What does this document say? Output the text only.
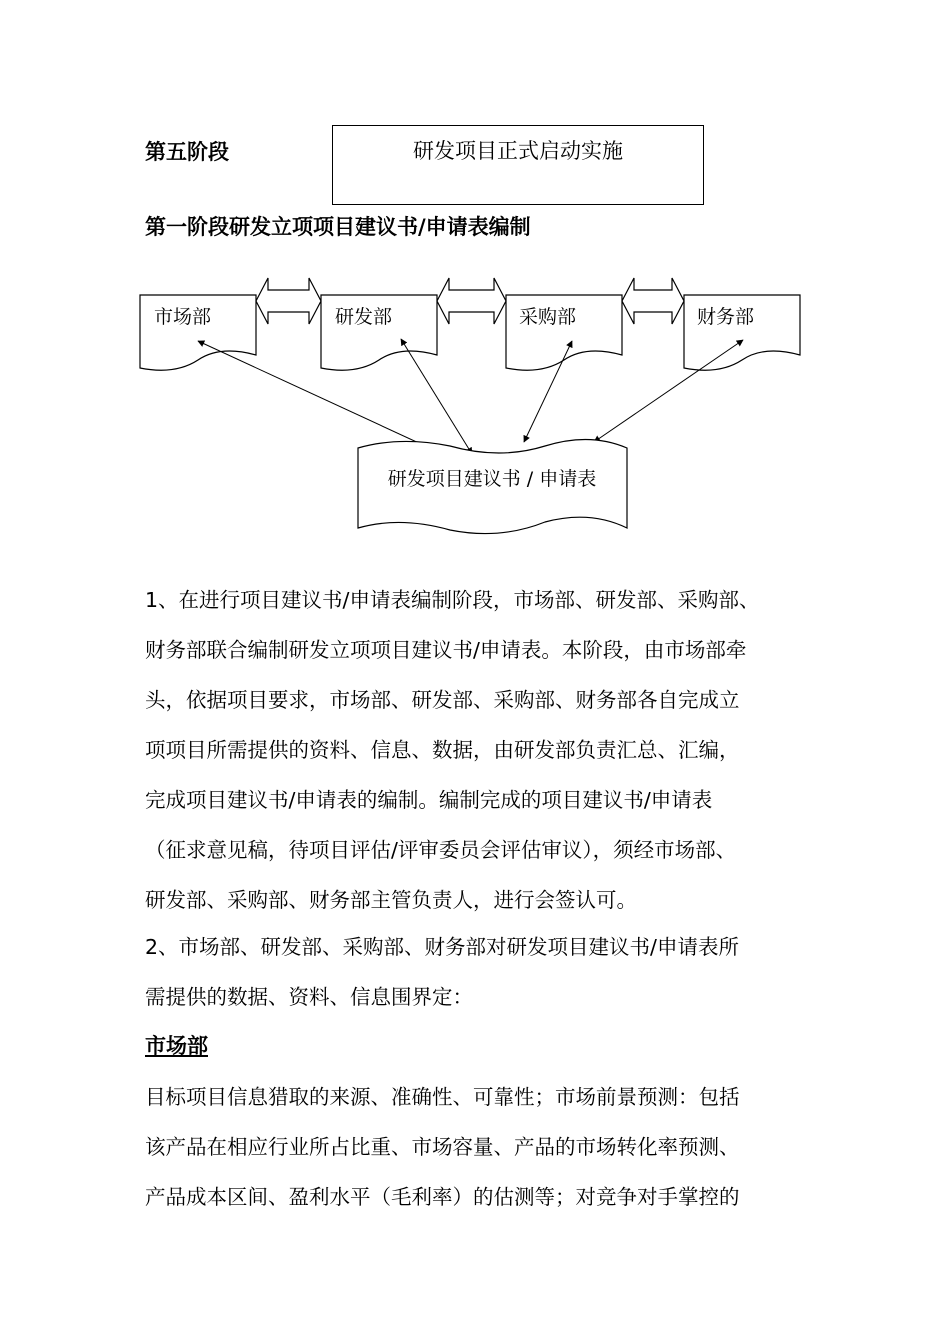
第五阶段	研发项目正式启动实施
第一阶段研发立项项目建议书/申请表编制
市场部	研发部	采购部	财务部
研发项目建议书 / 申请表
1、在进行项目建议书/申请表编制阶段，市场部、研发部、采购部、
财务部联合编制研发立项项目建议书/申请表。本阶段，由市场部牵
头，依据项目要求，市场部、研发部、采购部、财务部各自完成立
项项目所需提供的资料、信息、数据，由研发部负责汇总、汇编，
完成项目建议书/申请表的编制。编制完成的项目建议书/申请表
（征求意见稿，待项目评估/评审委员会评估审议），须经市场部、
研发部、采购部、财务部主管负责人，进行会签认可。
2、市场部、研发部、采购部、财务部对研发项目建议书/申请表所
需提供的数据、资料、信息围界定：
市场部
目标项目信息猎取的来源、准确性、可靠性；市场前景预测：包括
该产品在相应行业所占比重、市场容量、产品的市场转化率预测、
产品成本区间、盈利水平（毛利率）的估测等；对竞争对手掌控的
